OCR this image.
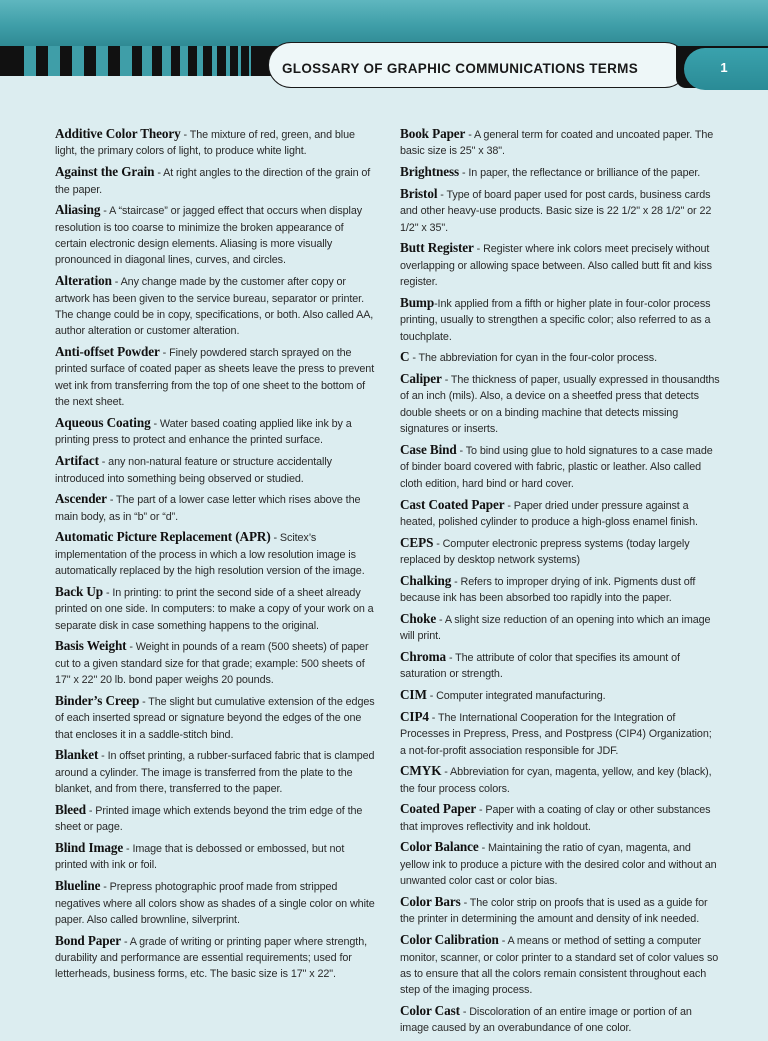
GLOSSARY OF GRAPHIC COMMUNICATIONS TERMS	1

Additive Color Theory - The mixture of red, green, and blue light, the primary colors of light, to produce white light.

Against the Grain - At right angles to the direction of the grain of the paper.

Aliasing - A “staircase” or jagged effect that occurs when display resolution is too coarse to minimize the broken appearance of certain electronic design elements. Aliasing is more visually pronounced in diagonal lines, curves, and circles.

Alteration - Any change made by the customer after copy or artwork has been given to the service bureau, separator or printer. The change could be in copy, specifications, or both. Also called AA, author alteration or customer alteration.

Anti-offset Powder - Finely powdered starch sprayed on the printed surface of coated paper as sheets leave the press to prevent wet ink from transferring from the top of one sheet to the bottom of the next sheet.

Aqueous Coating - Water based coating applied like ink by a printing press to protect and enhance the printed surface.

Artifact - any non-natural feature or structure accidentally introduced into something being observed or studied.

Ascender - The part of a lower case letter which rises above the main body, as in “b” or “d”.

Automatic Picture Replacement (APR) - Scitex’s implementation of the process in which a low resolution image is automatically replaced by the high resolution version of the image.

Back Up - In printing: to print the second side of a sheet already printed on one side. In computers: to make a copy of your work on a separate disk in case something happens to the original.

Basis Weight - Weight in pounds of a ream (500 sheets) of paper cut to a given standard size for that grade; example: 500 sheets of 17" x 22" 20 lb. bond paper weighs 20 pounds.

Binder’s Creep - The slight but cumulative extension of the edges of each inserted spread or signature beyond the edges of the one that encloses it in a saddle-stitch bind.

Blanket - In offset printing, a rubber-surfaced fabric that is clamped around a cylinder. The image is transferred from the plate to the blanket, and from there, transferred to the paper.

Bleed - Printed image which extends beyond the trim edge of the sheet or page.

Blind Image - Image that is debossed or embossed, but not printed with ink or foil.

Blueline - Prepress photographic proof made from stripped negatives where all colors show as shades of a single color on white paper. Also called brownline, silverprint.

Bond Paper - A grade of writing or printing paper where strength, durability and performance are essential requirements; used for letterheads, business forms, etc. The basic size is 17" x 22".

Book Paper - A general term for coated and uncoated paper. The basic size is 25" x 38".

Brightness - In paper, the reflectance or brilliance of the paper.

Bristol - Type of board paper used for post cards, business cards and other heavy-use products. Basic size is 22 1/2" x 28 1/2" or 22 1/2" x 35".

Butt Register - Register where ink colors meet precisely without overlapping or allowing space between. Also called butt fit and kiss register.

Bump-Ink applied from a fifth or higher plate in four-color process printing, usually to strengthen a specific color; also referred to as a touchplate.

C - The abbreviation for cyan in the four-color process.

Caliper - The thickness of paper, usually expressed in thousandths of an inch (mils). Also, a device on a sheetfed press that detects double sheets or on a binding machine that detects missing signatures or inserts.

Case Bind - To bind using glue to hold signatures to a case made of binder board covered with fabric, plastic or leather. Also called cloth edition, hard bind or hard cover.

Cast Coated Paper - Paper dried under pressure against a heated, polished cylinder to produce a high-gloss enamel finish.

CEPS - Computer electronic prepress systems (today largely replaced by desktop network systems)

Chalking - Refers to improper drying of ink. Pigments dust off because ink has been absorbed too rapidly into the paper.

Choke - A slight size reduction of an opening into which an image will print.

Chroma - The attribute of color that specifies its amount of saturation or strength.

CIM - Computer integrated manufacturing.

CIP4 - The International Cooperation for the Integration of Processes in Prepress, Press, and Postpress (CIP4) Organization; a not-for-profit association responsible for JDF.

CMYK - Abbreviation for cyan, magenta, yellow, and key (black), the four process colors.

Coated Paper - Paper with a coating of clay or other substances that improves reflectivity and ink holdout.

Color Balance - Maintaining the ratio of cyan, magenta, and yellow ink to produce a picture with the desired color and without an unwanted color cast or color bias.

Color Bars - The color strip on proofs that is used as a guide for the printer in determining the amount and density of ink needed.

Color Calibration - A means or method of setting a computer monitor, scanner, or color printer to a standard set of color values so as to ensure that all the colors remain consistent throughout each step of the imaging process.

Color Cast - Discoloration of an entire image or portion of an image caused by an overabundance of one color.
